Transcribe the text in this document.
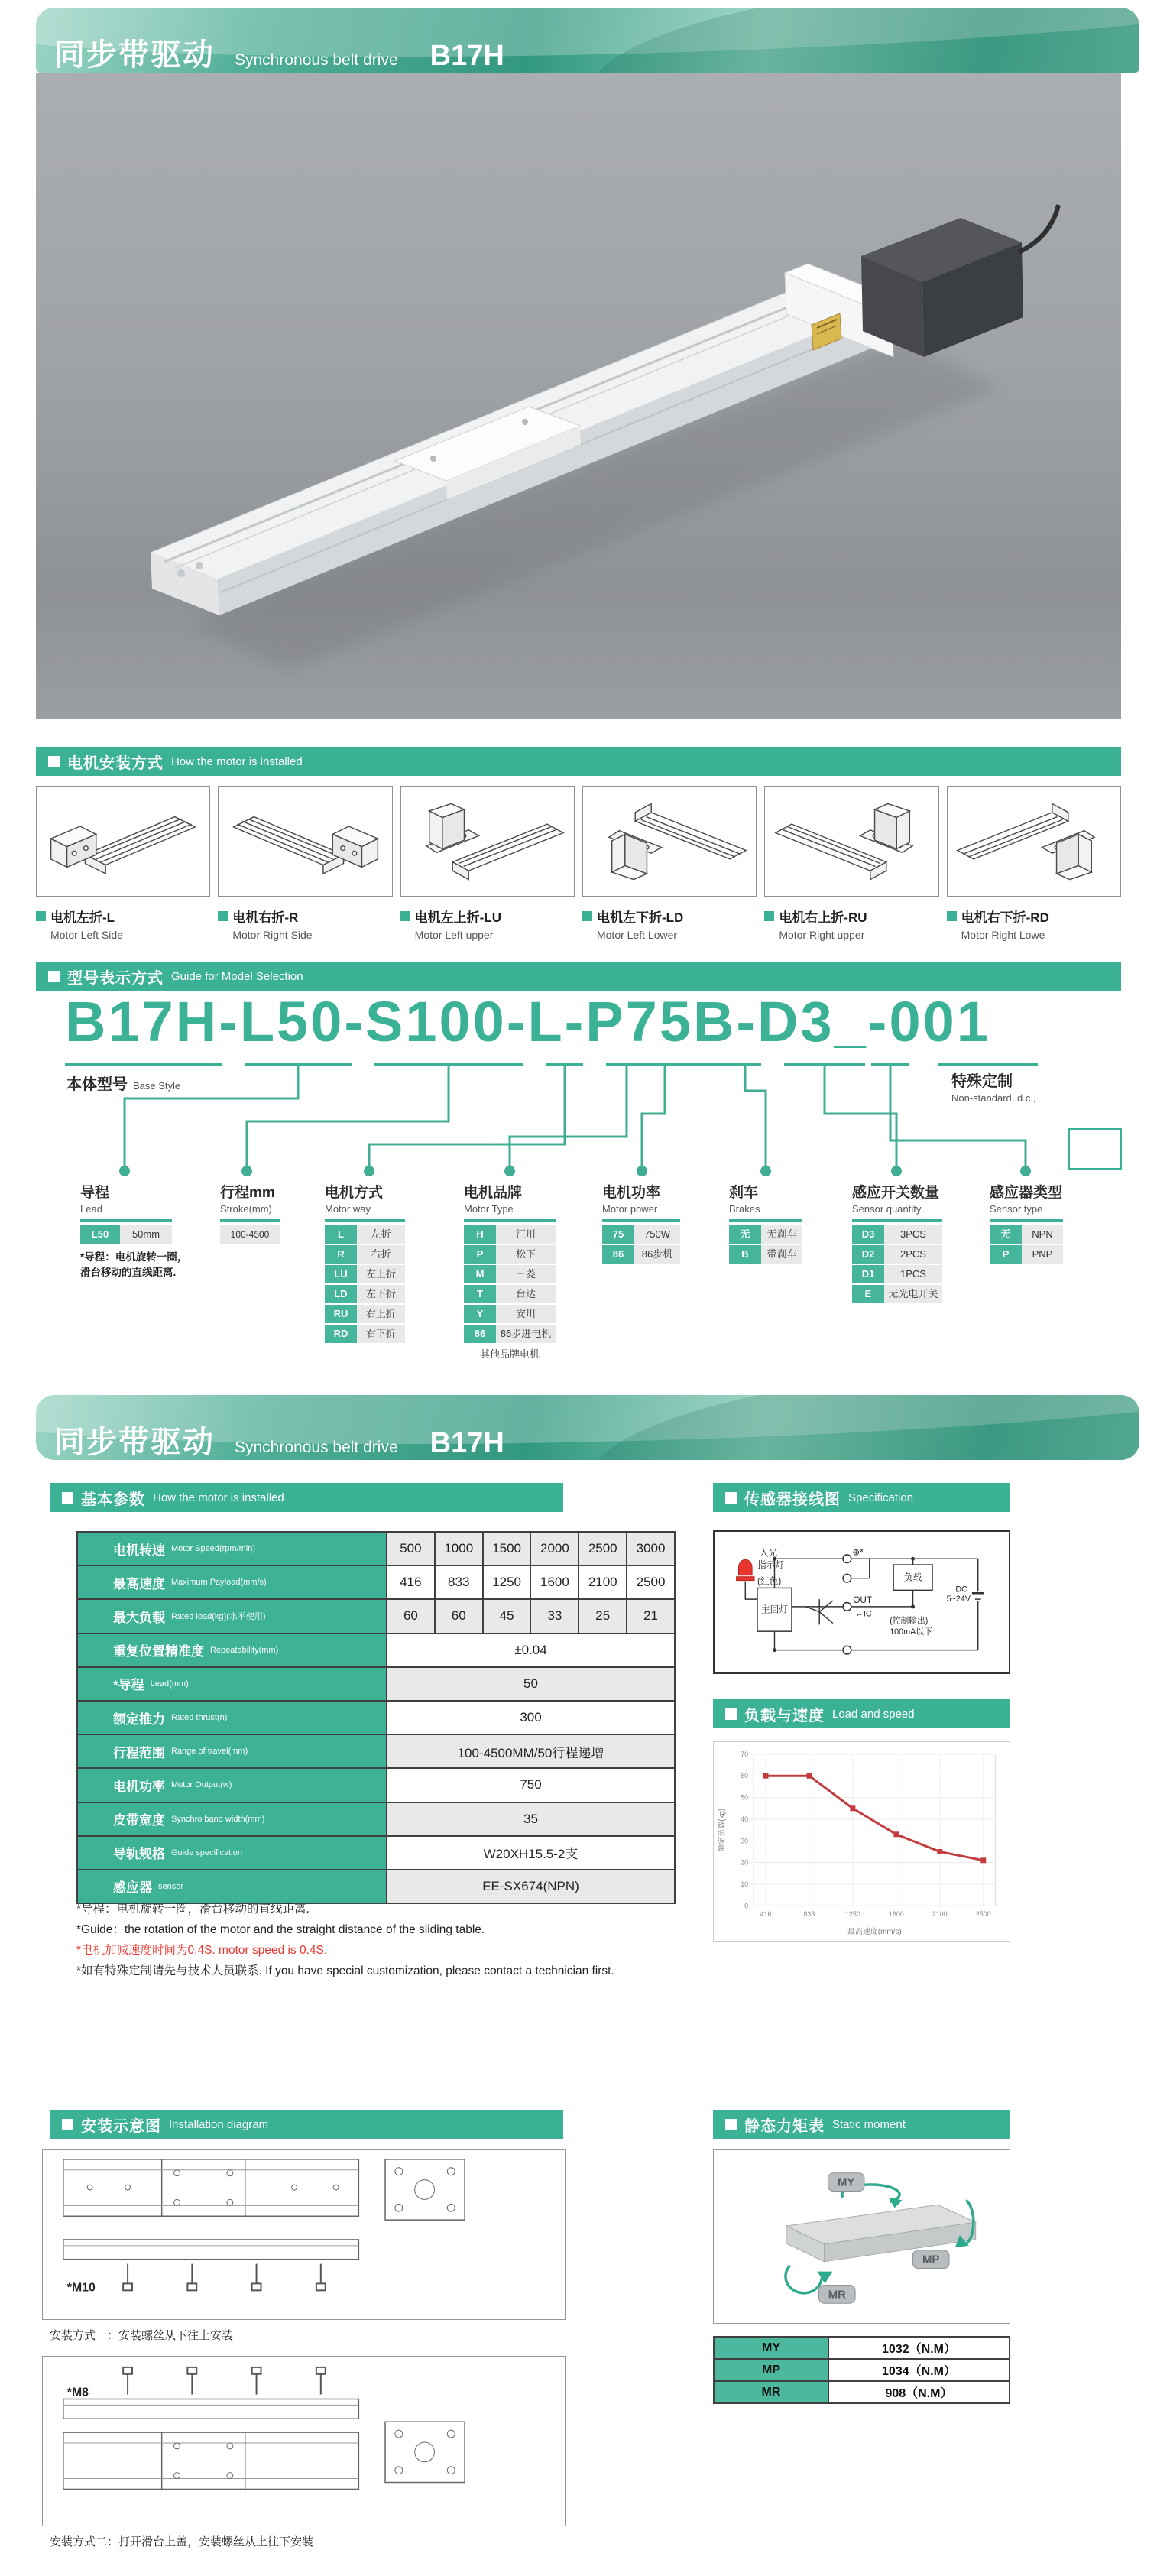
同步带驱动 Synchronous belt drive B17H
电机安装方式 How the motor is installed
电机左折-L
Motor Left Side
电机右折-R
Motor Right Side
电机左上折-LU
Motor Left upper
电机左下折-LD
Motor Left Lower
电机右上折-RU
Motor Right upper
电机右下折-RD
Motor Right Lowe
型号表示方式 Guide for Model Selection
B17H-L50-S100-L-P75B-D3_-001
本体型号 Base Style	特殊定制
Non-standard, d.c.,
导程
Lead
L50	50mm
*导程：电机旋转一圈，
滑台移动的直线距离.
行程mm
Stroke(mm)
100-4500
电机方式
Motor way
L	左折
R	右折
LU	左上折
LD	左下折
RU	右上折
RD	右下折
电机品牌
Motor Type
H	汇川
P	松下
M	三菱
T	台达
Y	安川
86	86步进电机
其他品牌电机
电机功率
Motor power
75	750W
86	86步机
刹车
Brakes
无	无刹车
B	带刹车
感应开关数量
Sensor quantity
D3	3PCS
D2	2PCS
D1	1PCS
E	无光电开关
感应器类型
Sensor type
无	NPN
P	PNP
同步带驱动 Synchronous belt drive B17H
基本参数 How the motor is installed
电机转速 Motor Speed(rpm/min)	500	1000	1500	2000	2500	3000
最高速度 Maximum Payload(mm/s)	416	833	1250	1600	2100	2500
最大负载 Rated load(kg)(水平使用)	60	60	45	33	25	21
重复位置精准度 Repeatability(mm)	±0.04
*导程 Lead(mm)	50
额定推力 Rated thrust(n)	300
行程范围 Range of travel(mm)	100-4500MM/50行程递增
电机功率 Motor Output(w)	750
皮带宽度 Synchro band width(mm)	35
导轨规格 Guide specification	W20XH15.5-2支
感应器 sensor	EE-SX674(NPN)
*导程：电机旋转一圈，滑台移动的直线距离.
*Guide：the rotation of the motor and the straight distance of the sliding table.
*电机加减速度时间为0.4S. motor speed is 0.4S.
*如有特殊定制请先与技术人员联系. If you have special customization, please contact a technician first.
传感器接线图 Specification
入光
指示灯
(红色)
主回灯
⊕*
OUT
←IC
负载
DC
5~24V
(控制输出)
100mA以下
负载与速度 Load and speed
0
10
20
30
40
50
60
70
416	833	1250	1600	2100	2500
额定负载(kg)
最高速度(mm/s)
安装示意图 Installation diagram
*M10
安装方式一：安装螺丝从下往上安装
*M8
安装方式二：打开滑台上盖，安装螺丝从上往下安装
静态力矩表 Static moment
MY
MP
MR
MY	1032（N.M）
MP	1034（N.M）
MR	908（N.M）
